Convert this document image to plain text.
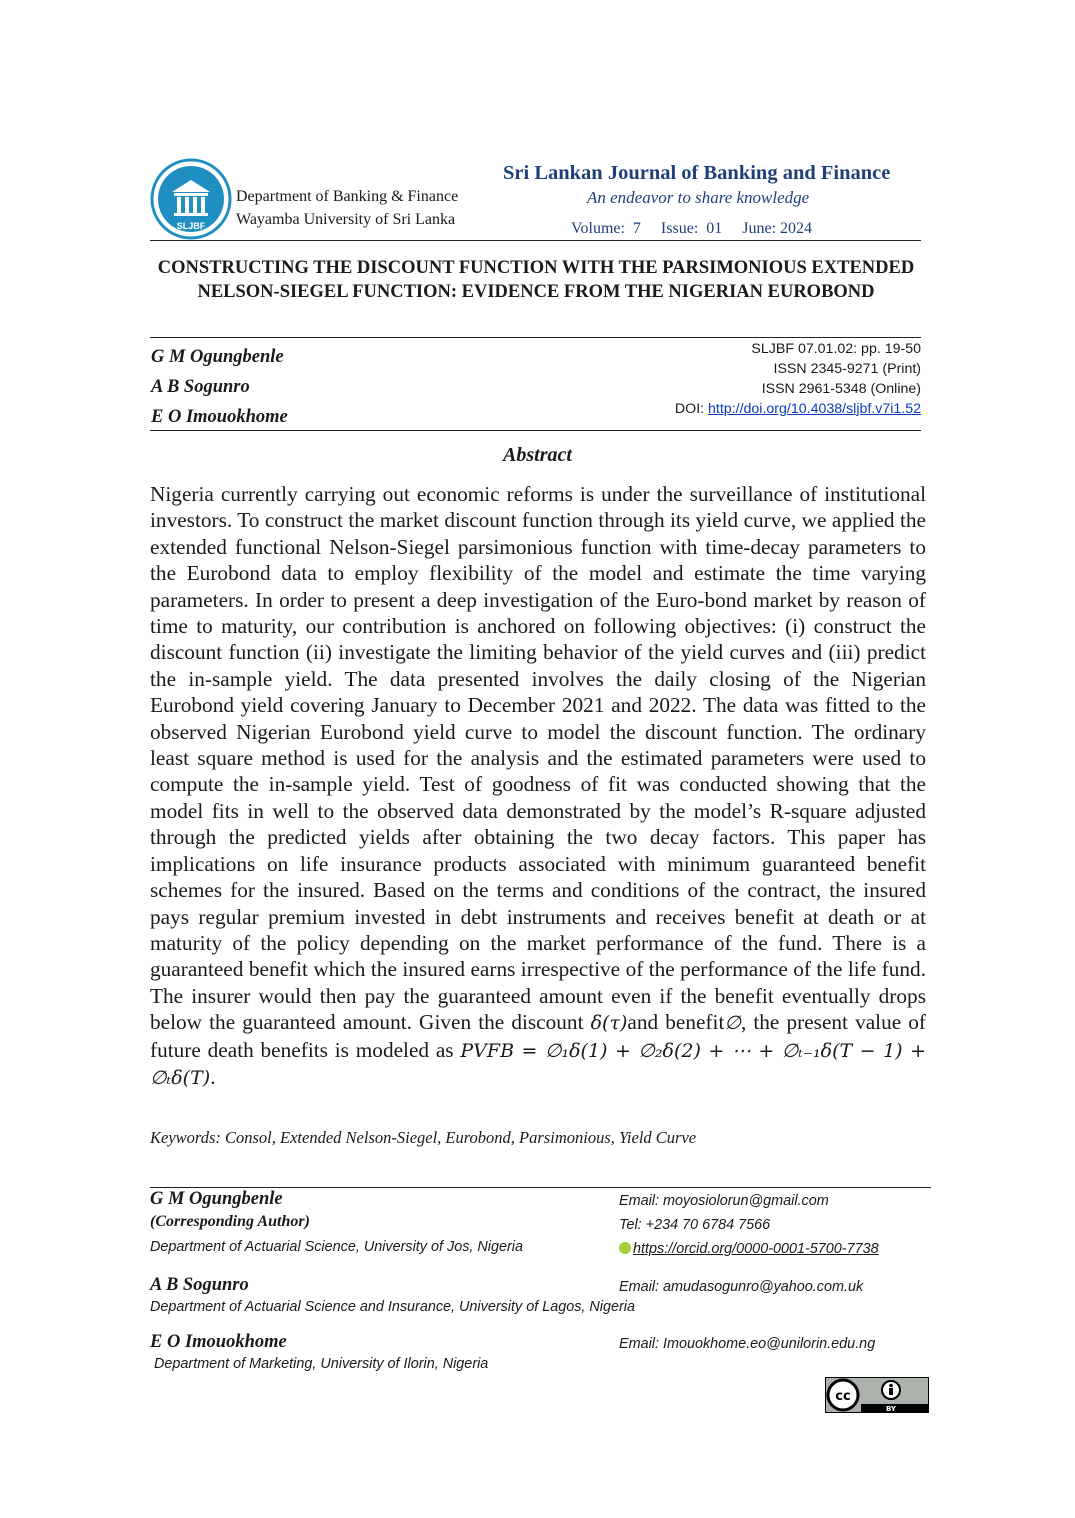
SLJBF
Department of Banking & Finance
Wayamba University of Sri Lanka
Sri Lankan Journal of Banking and Finance
An endeavor to share knowledge
Volume:  7     Issue:  01     June: 2024
CONSTRUCTING THE DISCOUNT FUNCTION WITH THE PARSIMONIOUS EXTENDED NELSON-SIEGEL FUNCTION: EVIDENCE FROM THE NIGERIAN EUROBOND
G M Ogungbenle
A B Sogunro
E O Imouokhome
SLJBF 07.01.02: pp. 19-50
ISSN 2345-9271 (Print)
ISSN 2961-5348 (Online)
DOI: http://doi.org/10.4038/sljbf.v7i1.52
Abstract
Nigeria currently carrying out economic reforms is under the surveillance of institutional investors. To construct the market discount function through its yield curve, we applied the extended functional Nelson-Siegel parsimonious function with time-decay parameters to the Eurobond data to employ flexibility of the model and estimate the time varying parameters. In order to present a deep investigation of the Euro-bond market by reason of time to maturity, our contribution is anchored on following objectives: (i) construct the discount function (ii) investigate the limiting behavior of the yield curves and (iii) predict the in-sample yield. The data presented involves the daily closing of the Nigerian Eurobond yield covering January to December 2021 and 2022. The data was fitted to the observed Nigerian Eurobond yield curve to model the discount function. The ordinary least square method is used for the analysis and the estimated parameters were used to compute the in-sample yield. Test of goodness of fit was conducted showing that the model fits in well to the observed data demonstrated by the model’s R-square adjusted through the predicted yields after obtaining the two decay factors. This paper has implications on life insurance products associated with minimum guaranteed benefit schemes for the insured. Based on the terms and conditions of the contract, the insured pays regular premium invested in debt instruments and receives benefit at death or at maturity of the policy depending on the market performance of the fund. There is a guaranteed benefit which the insured earns irrespective of the performance of the life fund. The insurer would then pay the guaranteed amount even if the benefit eventually drops below the guaranteed amount. Given the discount δ(τ)and benefit∅, the present value of future death benefits is modeled as PVFB = ∅₁δ(1) + ∅₂δ(2) + ⋯ + ∅ₜ₋₁δ(T − 1) + ∅ₜδ(T).
Keywords: Consol, Extended Nelson-Siegel, Eurobond, Parsimonious, Yield Curve
G M Ogungbenle
(Corresponding Author)
Department of Actuarial Science, University of Jos, Nigeria
Email: moyosiolorun@gmail.com
Tel: +234 70 6784 7566
https://orcid.org/0000-0001-5700-7738
A B Sogunro
Department of Actuarial Science and Insurance, University of Lagos, Nigeria
Email: amudasogunro@yahoo.com.uk
E O Imouokhome
Department of Marketing, University of Ilorin, Nigeria
Email: Imouokhome.eo@unilorin.edu.ng
cc
BY
